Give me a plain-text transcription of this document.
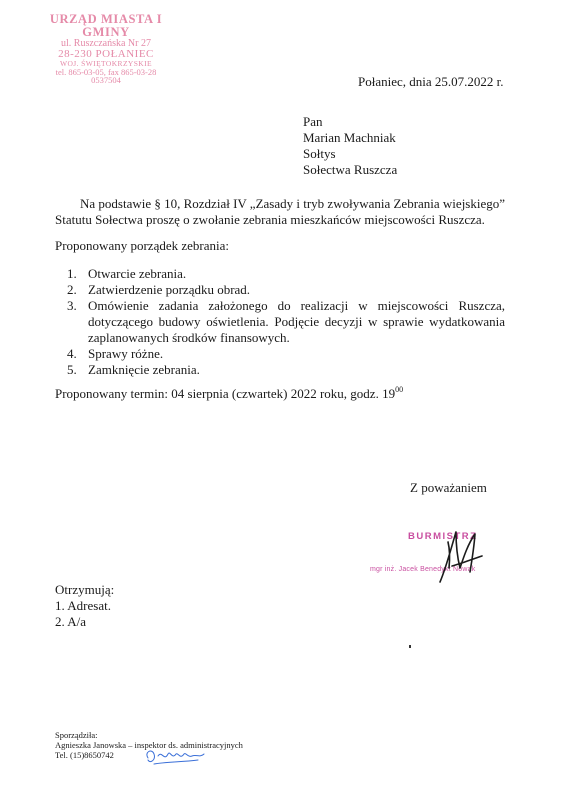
URZĄD MIASTA I GMINY
ul. Ruszczańska Nr 27
28-230 POŁANIEC
WOJ. ŚWIĘTOKRZYSKIE
tel. 865-03-05, fax 865-03-28
0537504	Połaniec, dnia 25.07.2022 r.
Pan
Marian Machniak
Sołtys
Sołectwa Ruszcza
Na podstawie § 10, Rozdział IV „Zasady i tryb zwoływania Zebrania wiejskiego”
Statutu Sołectwa proszę o zwołanie zebrania mieszkańców miejscowości Ruszcza.
Proponowany porządek zebrania:
1. Otwarcie zebrania.
2. Zatwierdzenie porządku obrad.
3. Omówienie zadania założonego do realizacji w miejscowości Ruszcza, dotyczącego budowy oświetlenia. Podjęcie decyzji w sprawie wydatkowania zaplanowanych środków finansowych.
4. Sprawy różne.
5. Zamknięcie zebrania.
Proponowany termin: 04 sierpnia (czwartek) 2022 roku, godz. $19^{00}$
Z poważaniem
BURMISTRZ
mgr inż. Jacek Benedykt Nowak
Otrzymują:
1. Adresat.
2. A/a
Sporządziła:
Agnieszka Janowska – inspektor ds. administracyjnych
Tel. (15)8650742
